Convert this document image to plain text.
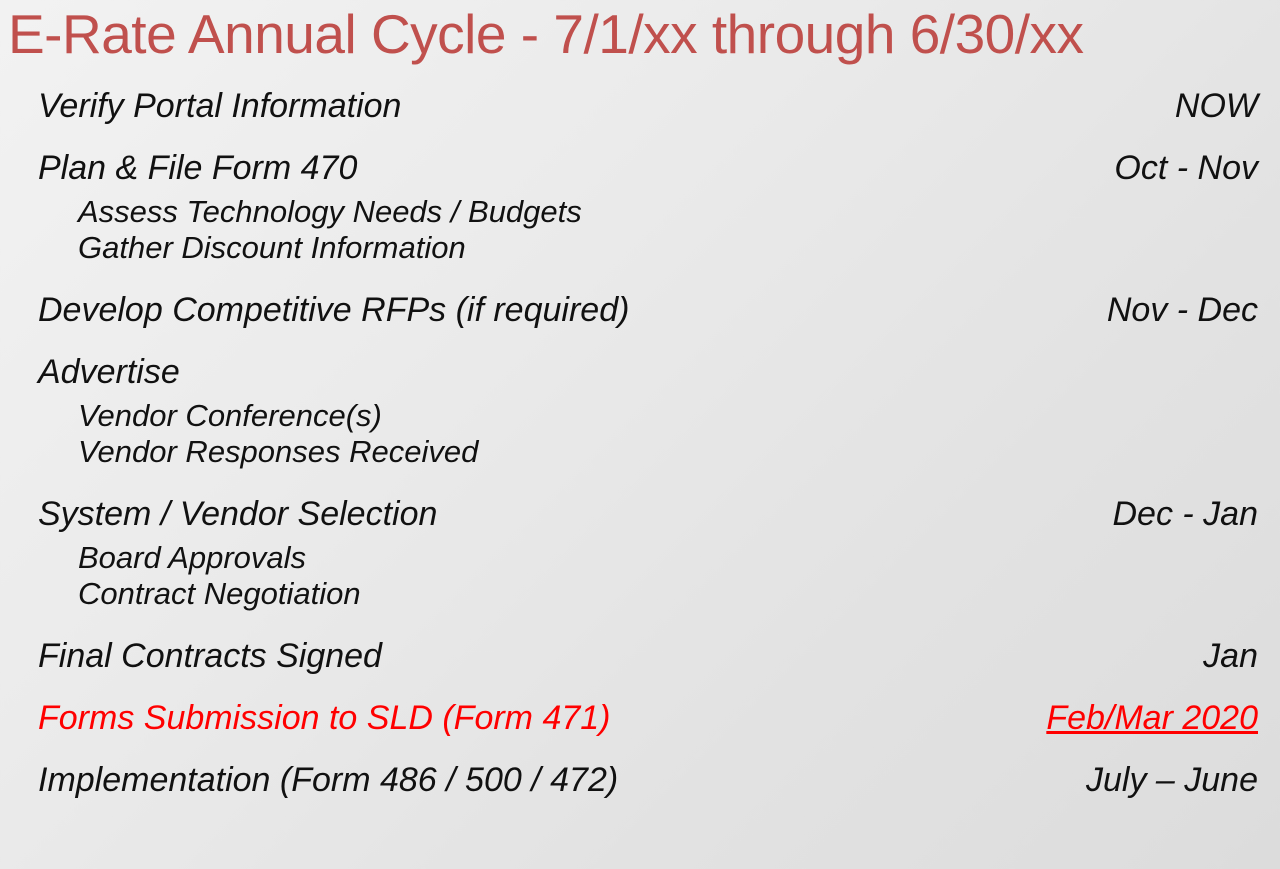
E-Rate Annual Cycle - 7/1/xx through 6/30/xx
Verify Portal Information	NOW
Plan & File Form 470	Oct - Nov
Assess Technology Needs / Budgets
Gather Discount Information
Develop Competitive RFPs (if required)	Nov - Dec
Advertise
Vendor Conference(s)
Vendor Responses Received
System / Vendor Selection	Dec - Jan
Board Approvals
Contract Negotiation
Final Contracts Signed	Jan
Forms Submission to SLD (Form 471)	Feb/Mar 2020
Implementation (Form 486 / 500 / 472)	July – June
